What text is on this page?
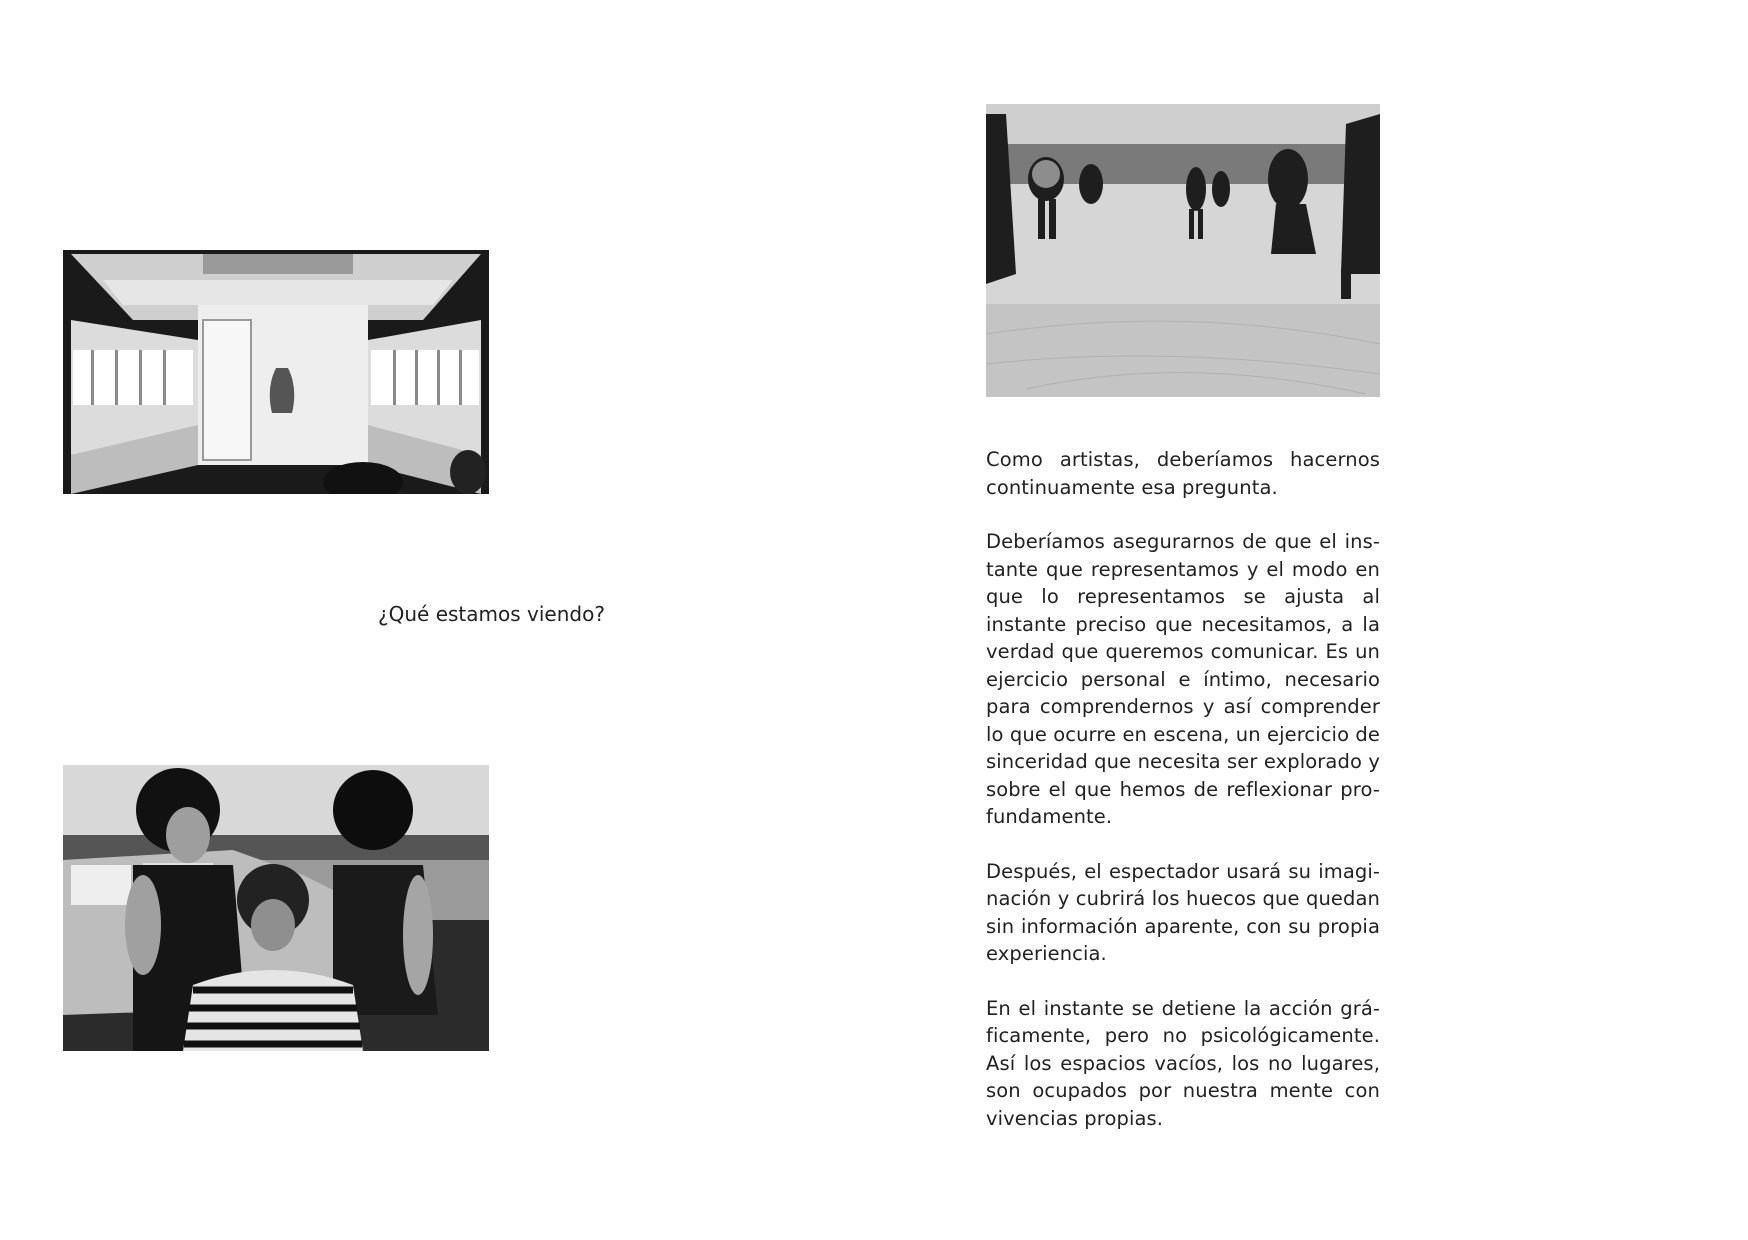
¿Qué estamos viendo?

Como artistas, deberíamos hacernos continuamente esa pregunta.

Deberíamos asegurarnos de que el ins-tante que representamos y el modo en que lo representamos se ajusta al instante preciso que necesitamos, a la verdad que queremos comunicar. Es un ejercicio personal e íntimo, necesario para comprendernos y así comprender lo que ocurre en escena, un ejercicio de sinceridad que necesita ser explorado y sobre el que hemos de reflexionar pro-fundamente.

Después, el espectador usará su imagi-nación y cubrirá los huecos que quedan sin información aparente, con su propia experiencia.

En el instante se detiene la acción grá-ficamente, pero no psicológicamente. Así los espacios vacíos, los no lugares, son ocupados por nuestra mente con vivencias propias.
